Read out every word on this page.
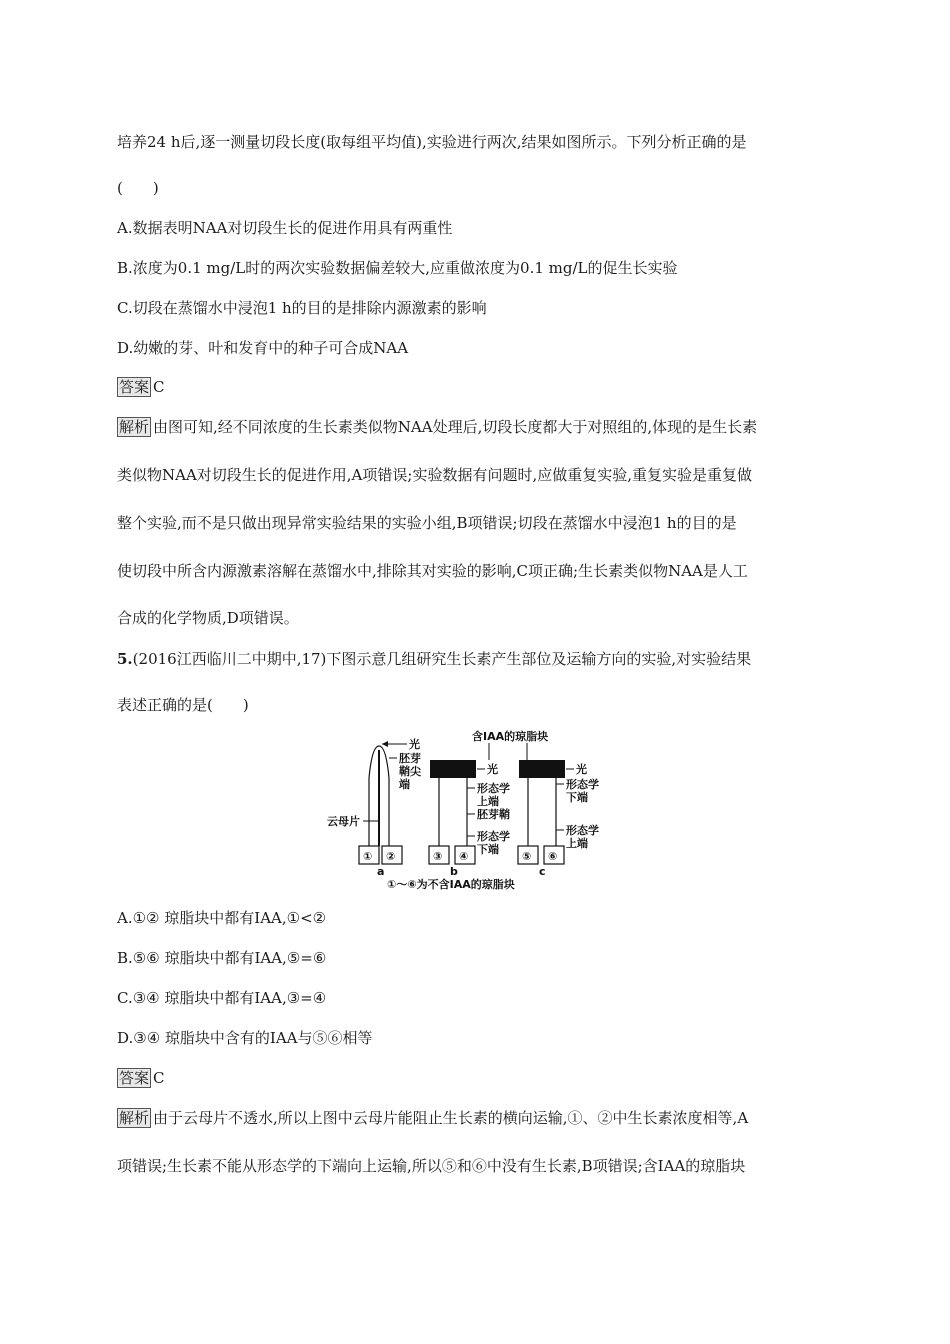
培养24 h后,逐一测量切段长度(取每组平均值),实验进行两次,结果如图所示。下列分析正确的是
(　　)
A.数据表明NAA对切段生长的促进作用具有两重性
B.浓度为0.1 mg/L时的两次实验数据偏差较大,应重做浓度为0.1 mg/L的促生长实验
C.切段在蒸馏水中浸泡1 h的目的是排除内源激素的影响
D.幼嫩的芽、叶和发育中的种子可合成NAA
答案 C
解析 由图可知,经不同浓度的生长素类似物NAA处理后,切段长度都大于对照组的,体现的是生长素
类似物NAA对切段生长的促进作用,A项错误;实验数据有问题时,应做重复实验,重复实验是重复做
整个实验,而不是只做出现异常实验结果的实验小组,B项错误;切段在蒸馏水中浸泡1 h的目的是
使切段中所含内源激素溶解在蒸馏水中,排除其对实验的影响,C项正确;生长素类似物NAA是人工
合成的化学物质,D项错误。
5.(2016江西临川二中期中,17)下图示意几组研究生长素产生部位及运输方向的实验,对实验结果
表述正确的是(　　)
含IAA的琼脂块
光
胚芽
鞘尖
端
云母片
光
形态学
上端
胚芽鞘
形态学
下端
光
形态学
下端
形态学
上端
① ②	③ ④	⑤ ⑥
a	b	c
①～⑥为不含IAA的琼脂块
A.①② 琼脂块中都有IAA,①<②
B.⑤⑥ 琼脂块中都有IAA,⑤=⑥
C.③④ 琼脂块中都有IAA,③=④
D.③④ 琼脂块中含有的IAA与⑤⑥相等
答案 C
解析 由于云母片不透水,所以上图中云母片能阻止生长素的横向运输,①、②中生长素浓度相等,A
项错误;生长素不能从形态学的下端向上运输,所以⑤和⑥中没有生长素,B项错误;含IAA的琼脂块
